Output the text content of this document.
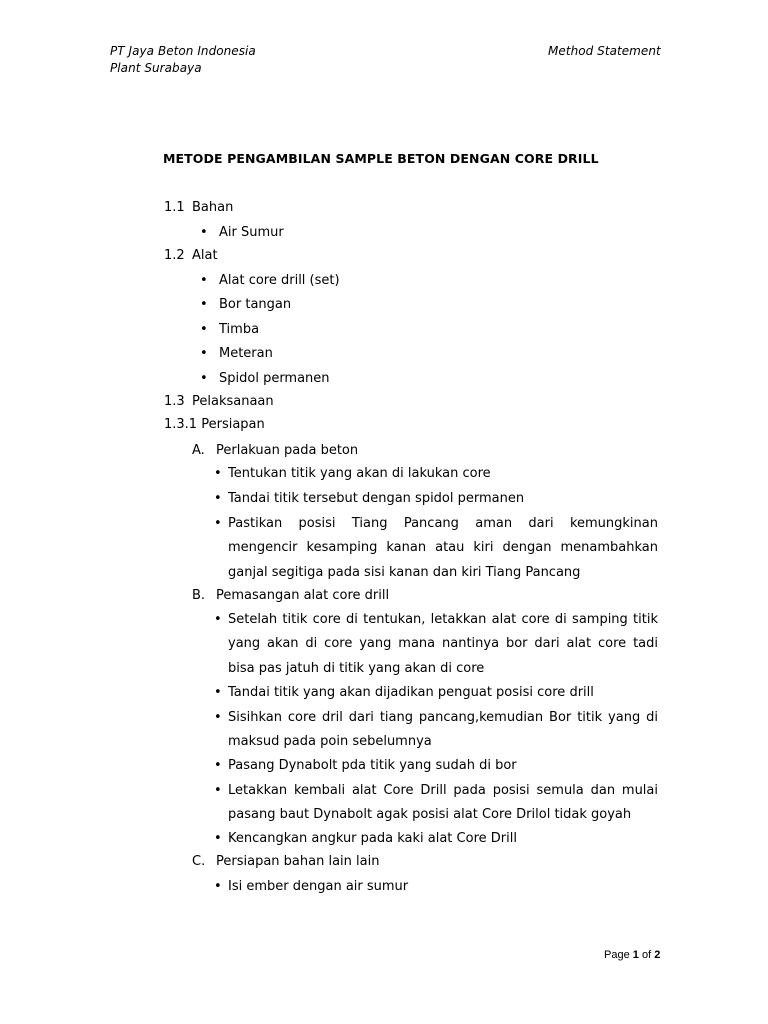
PT Jaya Beton Indonesia
Plant Surabaya
Method Statement
METODE PENGAMBILAN SAMPLE BETON DENGAN CORE DRILL
1.1 Bahan
• Air Sumur
1.2 Alat
• Alat core drill (set)
• Bor tangan
• Timba
• Meteran
• Spidol permanen
1.3 Pelaksanaan
1.3.1 Persiapan
A. Perlakuan pada beton
• Tentukan titik yang akan di lakukan core
• Tandai titik tersebut dengan spidol permanen
• Pastikan posisi Tiang Pancang aman dari kemungkinan mengencir kesamping kanan atau kiri dengan menambahkan ganjal segitiga pada sisi kanan dan kiri Tiang Pancang
B. Pemasangan alat core drill
• Setelah titik core di tentukan, letakkan alat core di samping titik yang akan di core yang mana nantinya bor dari alat core tadi bisa pas jatuh di titik yang akan di core
• Tandai titik yang akan dijadikan penguat posisi core drill
• Sisihkan core dril dari tiang pancang,kemudian Bor titik yang di maksud pada poin sebelumnya
• Pasang Dynabolt pda titik yang sudah di bor
• Letakkan kembali alat Core Drill pada posisi semula dan mulai pasang baut Dynabolt agak posisi alat Core Drilol tidak goyah
• Kencangkan angkur pada kaki alat Core Drill
C. Persiapan bahan lain lain
• Isi ember dengan air sumur
Page 1 of 2
